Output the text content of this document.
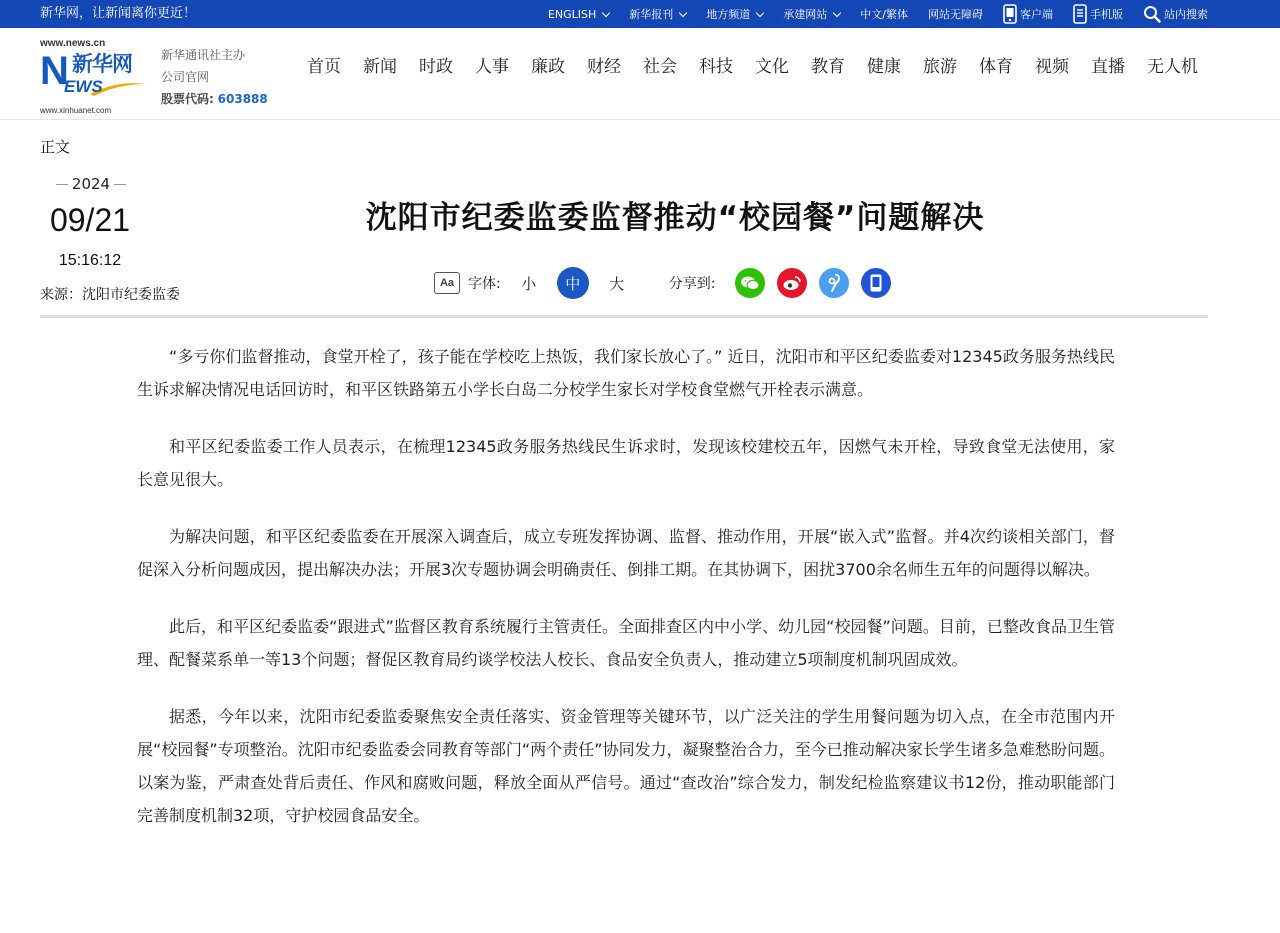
新华网，让新闻离你更近！	ENGLISH	新华报刊	地方频道	承建网站	中文/繁体 网站无障碍	客户端	手机版	站内搜索
www.news.cn
N 新华网
EWS
www.xinhuanet.com
新华通讯社主办
公司官网
股票代码: 603888
首页 新闻 时政 人事 廉政 财经 社会 科技 文化 教育 健康 旅游 体育 视频 直播 无人机
正文
2024
09/21
15:16:12
来源：沈阳市纪委监委
沈阳市纪委监委监督推动“校园餐”问题解决
Aa 字体:	小	中	大	分享到:

“多亏你们监督推动，食堂开栓了，孩子能在学校吃上热饭，我们家长放心了。” 近日，沈阳市和平区纪委监委对12345政务服务热线民生诉求解决情况电话回访时，和平区铁路第五小学长白岛二分校学生家长对学校食堂燃气开栓表示满意。

和平区纪委监委工作人员表示，在梳理12345政务服务热线民生诉求时，发现该校建校五年，因燃气未开栓，导致食堂无法使用，家长意见很大。

为解决问题，和平区纪委监委在开展深入调查后，成立专班发挥协调、监督、推动作用，开展“嵌入式”监督。并4次约谈相关部门，督促深入分析问题成因，提出解决办法；开展3次专题协调会明确责任、倒排工期。在其协调下，困扰3700余名师生五年的问题得以解决。

此后，和平区纪委监委“跟进式”监督区教育系统履行主管责任。全面排查区内中小学、幼儿园“校园餐”问题。目前，已整改食品卫生管理、配餐菜系单一等13个问题；督促区教育局约谈学校法人校长、食品安全负责人，推动建立5项制度机制巩固成效。

据悉，今年以来，沈阳市纪委监委聚焦安全责任落实、资金管理等关键环节，以广泛关注的学生用餐问题为切入点，在全市范围内开展“校园餐”专项整治。沈阳市纪委监委会同教育等部门“两个责任”协同发力，凝聚整治合力，至今已推动解决家长学生诸多急难愁盼问题。以案为鉴，严肃查处背后责任、作风和腐败问题，释放全面从严信号。通过“查改治”综合发力，制发纪检监察建议书12份，推动职能部门完善制度机制32项，守护校园食品安全。
